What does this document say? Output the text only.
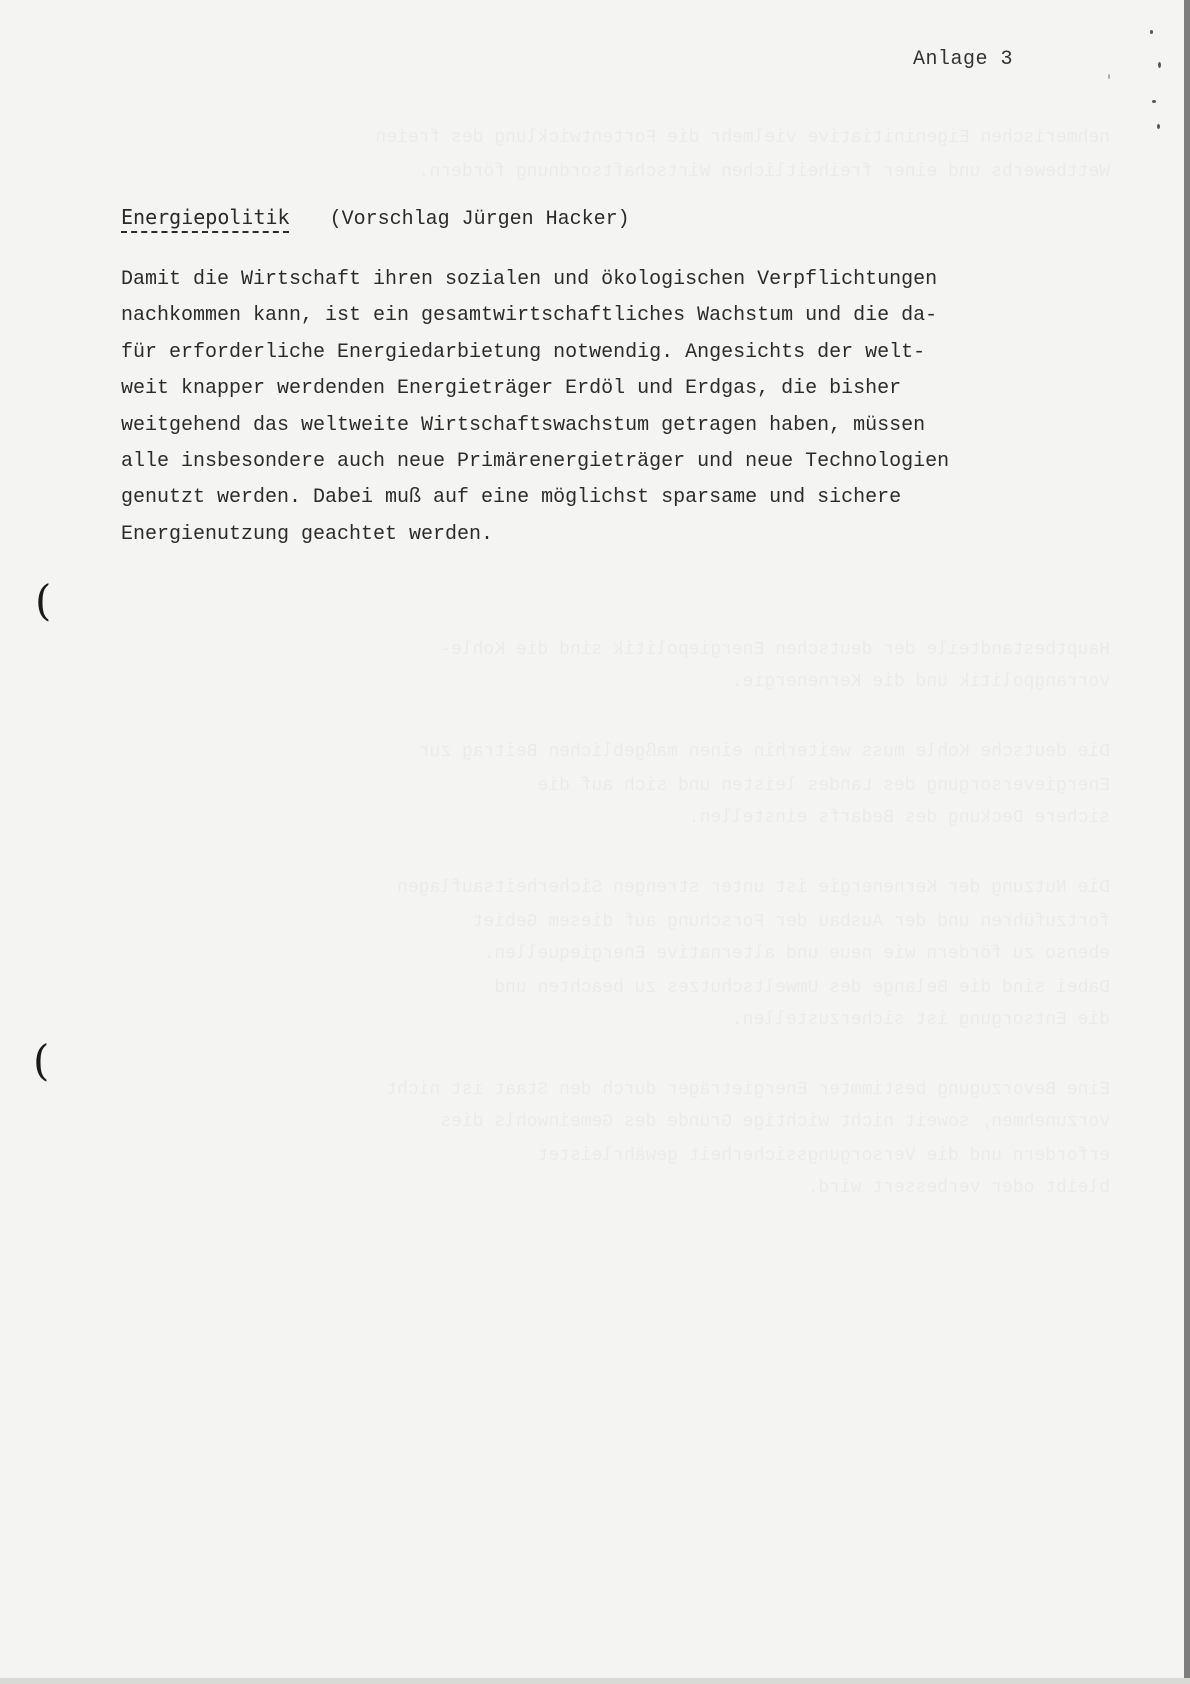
Anlage 3
Energiepolitik (Vorschlag Jürgen Hacker)

Damit die Wirtschaft ihren sozialen und ökologischen Verpflichtungen
nachkommen kann, ist ein gesamtwirtschaftliches Wachstum und die da-
für erforderliche Energiedarbietung notwendig. Angesichts der welt-
weit knapper werdenden Energieträger Erdöl und Erdgas, die bisher
weitgehend das weltweite Wirtschaftswachstum getragen haben, müssen
alle insbesondere auch neue Primärenergieträger und neue Technologien
genutzt werden. Dabei muß auf eine möglichst sparsame und sichere
Energienutzung geachtet werden.

(
(
